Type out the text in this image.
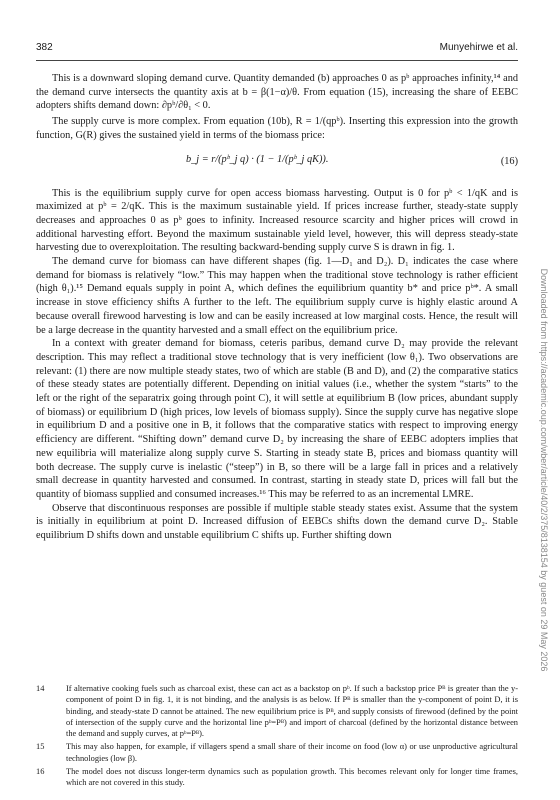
382	Munyehirwe et al.

This is a downward sloping demand curve. Quantity demanded (b) approaches 0 as pᵇ approaches infinity,¹⁴ and the demand curve intersects the quantity axis at b = β(1−α)/θ. From equation (15), increasing the share of EEBC adopters shifts demand down: ∂pᵇ/∂θ₁ < 0.

The supply curve is more complex. From equation (10b), R = 1/(qpᵇ). Inserting this expression into the growth function, G(R) gives the sustained yield in terms of the biomass price:

b_j = r/(pᵇ_j q) · (1 − 1/(pᵇ_j qK)).	(16)

This is the equilibrium supply curve for open access biomass harvesting. Output is 0 for pᵇ < 1/qK and is maximized at pᵇ = 2/qK. This is the maximum sustainable yield. If prices increase further, steady-state supply decreases and approaches 0 as pᵇ goes to infinity. Increased resource scarcity and higher prices will crowd in additional harvesting effort. Beyond the maximum sustainable yield level, however, this will depress steady-state harvesting due to overexploitation. The resulting backward-bending supply curve S is drawn in fig. 1.

The demand curve for biomass can have different shapes (fig. 1—D₁ and D₂). D₁ indicates the case where demand for biomass is relatively “low.” This may happen when the traditional stove technology is rather efficient (high θ₁).¹⁵ Demand equals supply in point A, which defines the equilibrium quantity b* and price pᵇ*. A small increase in stove efficiency shifts A further to the left. The equilibrium supply curve is highly elastic around A because overall firewood harvesting is low and can be easily increased at low marginal costs. Hence, the result will be a large decrease in the quantity harvested and a small effect on the equilibrium price.

In a context with greater demand for biomass, ceteris paribus, demand curve D₂ may provide the relevant description. This may reflect a traditional stove technology that is very inefficient (low θ₁). Two observations are relevant: (1) there are now multiple steady states, two of which are stable (B and D), and (2) the comparative statics of these steady states are potentially different. Depending on initial values (i.e., whether the system “starts” to the left or the right of the separatrix going through point C), it will settle at equilibrium B (low prices, abundant supply of biomass) or equilibrium D (high prices, low levels of biomass supply). Since the supply curve has negative slope in equilibrium D and a positive one in B, it follows that the comparative statics with respect to improving energy efficiency are different. “Shifting down” demand curve D₂ by increasing the share of EEBC adopters implies that new equilibria will materialize along supply curve S. Starting in steady state B, prices and biomass quantity will both decrease. The supply curve is inelastic (“steep”) in B, so there will be a large fall in prices and a relatively small decrease in quantity harvested and consumed. In contrast, starting in steady state D, prices will fall but the quantity of biomass supplied and consumed increases.¹⁶ This may be referred to as an incremental LMRE.

Observe that discontinuous responses are possible if multiple stable steady states exist. Assume that the system is initially in equilibrium at point D. Increased diffusion of EEBCs shifts down the demand curve D₂. Stable equilibrium D shifts down and unstable equilibrium C shifts up. Further shifting down

14	If alternative cooking fuels such as charcoal exist, these can act as a backstop on pᵇ. If such a backstop price Pᴮ is greater than the y-component of point D in fig. 1, it is not binding, and the analysis is as below. If Pᴮ is smaller than the y-component of point D, it is binding, and steady-state D cannot be attained. The new equilibrium price is Pᴮ, and supply consists of firewood (defined by the point of intersection of the supply curve and the horizontal line pᵇ=Pᴮ) and import of charcoal (defined by the horizontal distance between the demand and supply curves, at pᵇ=Pᴮ).
15	This may also happen, for example, if villagers spend a small share of their income on food (low α) or use unproductive agricultural technologies (low β).
16	The model does not discuss longer-term dynamics such as population growth. This becomes relevant only for longer time frames, which are not covered in this study.
Downloaded from https://academic.oup.com/wber/article/40/2/375/8138154 by guest on 29 May 2026
